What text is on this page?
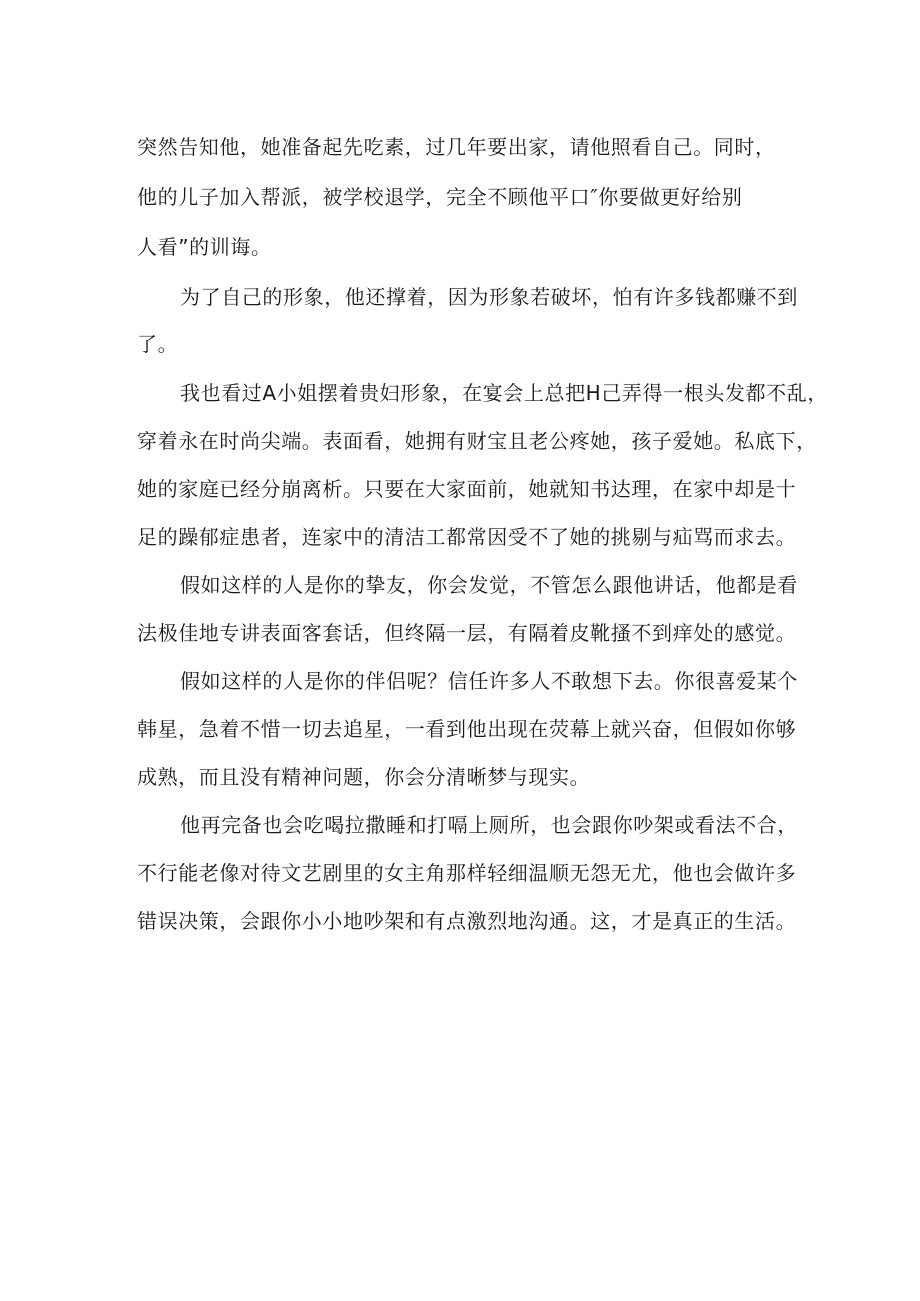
突然告知他，她准备起先吃素，过几年要出家，请他照看自己。同时，
他的儿子加入帮派，被学校退学，完全不顾他平口″你要做更好给别
人看”的训诲。
为了自己的形象，他还撑着，因为形象若破坏，怕有许多钱都赚不到
了。
我也看过A小姐摆着贵妇形象，在宴会上总把H己弄得一根头发都不乱，
穿着永在时尚尖端。表面看，她拥有财宝且老公疼她，孩子爱她。私底下，
她的家庭已经分崩离析。只要在大家面前，她就知书达理，在家中却是十
足的躁郁症患者，连家中的清洁工都常因受不了她的挑剔与疝骂而求去。
假如这样的人是你的挚友，你会发觉，不管怎么跟他讲话，他都是看
法极佳地专讲表面客套话，但终隔一层，有隔着皮靴搔不到痒处的感觉。
假如这样的人是你的伴侣呢？信任许多人不敢想下去。你很喜爱某个
韩星，急着不惜一切去追星，一看到他出现在荧幕上就兴奋，但假如你够
成熟，而且没有精神问题，你会分清晰梦与现实。
他再完备也会吃喝拉撒睡和打嗝上厕所，也会跟你吵架或看法不合，
不行能老像对待文艺剧里的女主角那样轻细温顺无怨无尤，他也会做许多
错误决策，会跟你小小地吵架和有点激烈地沟通。这，才是真正的生活。
